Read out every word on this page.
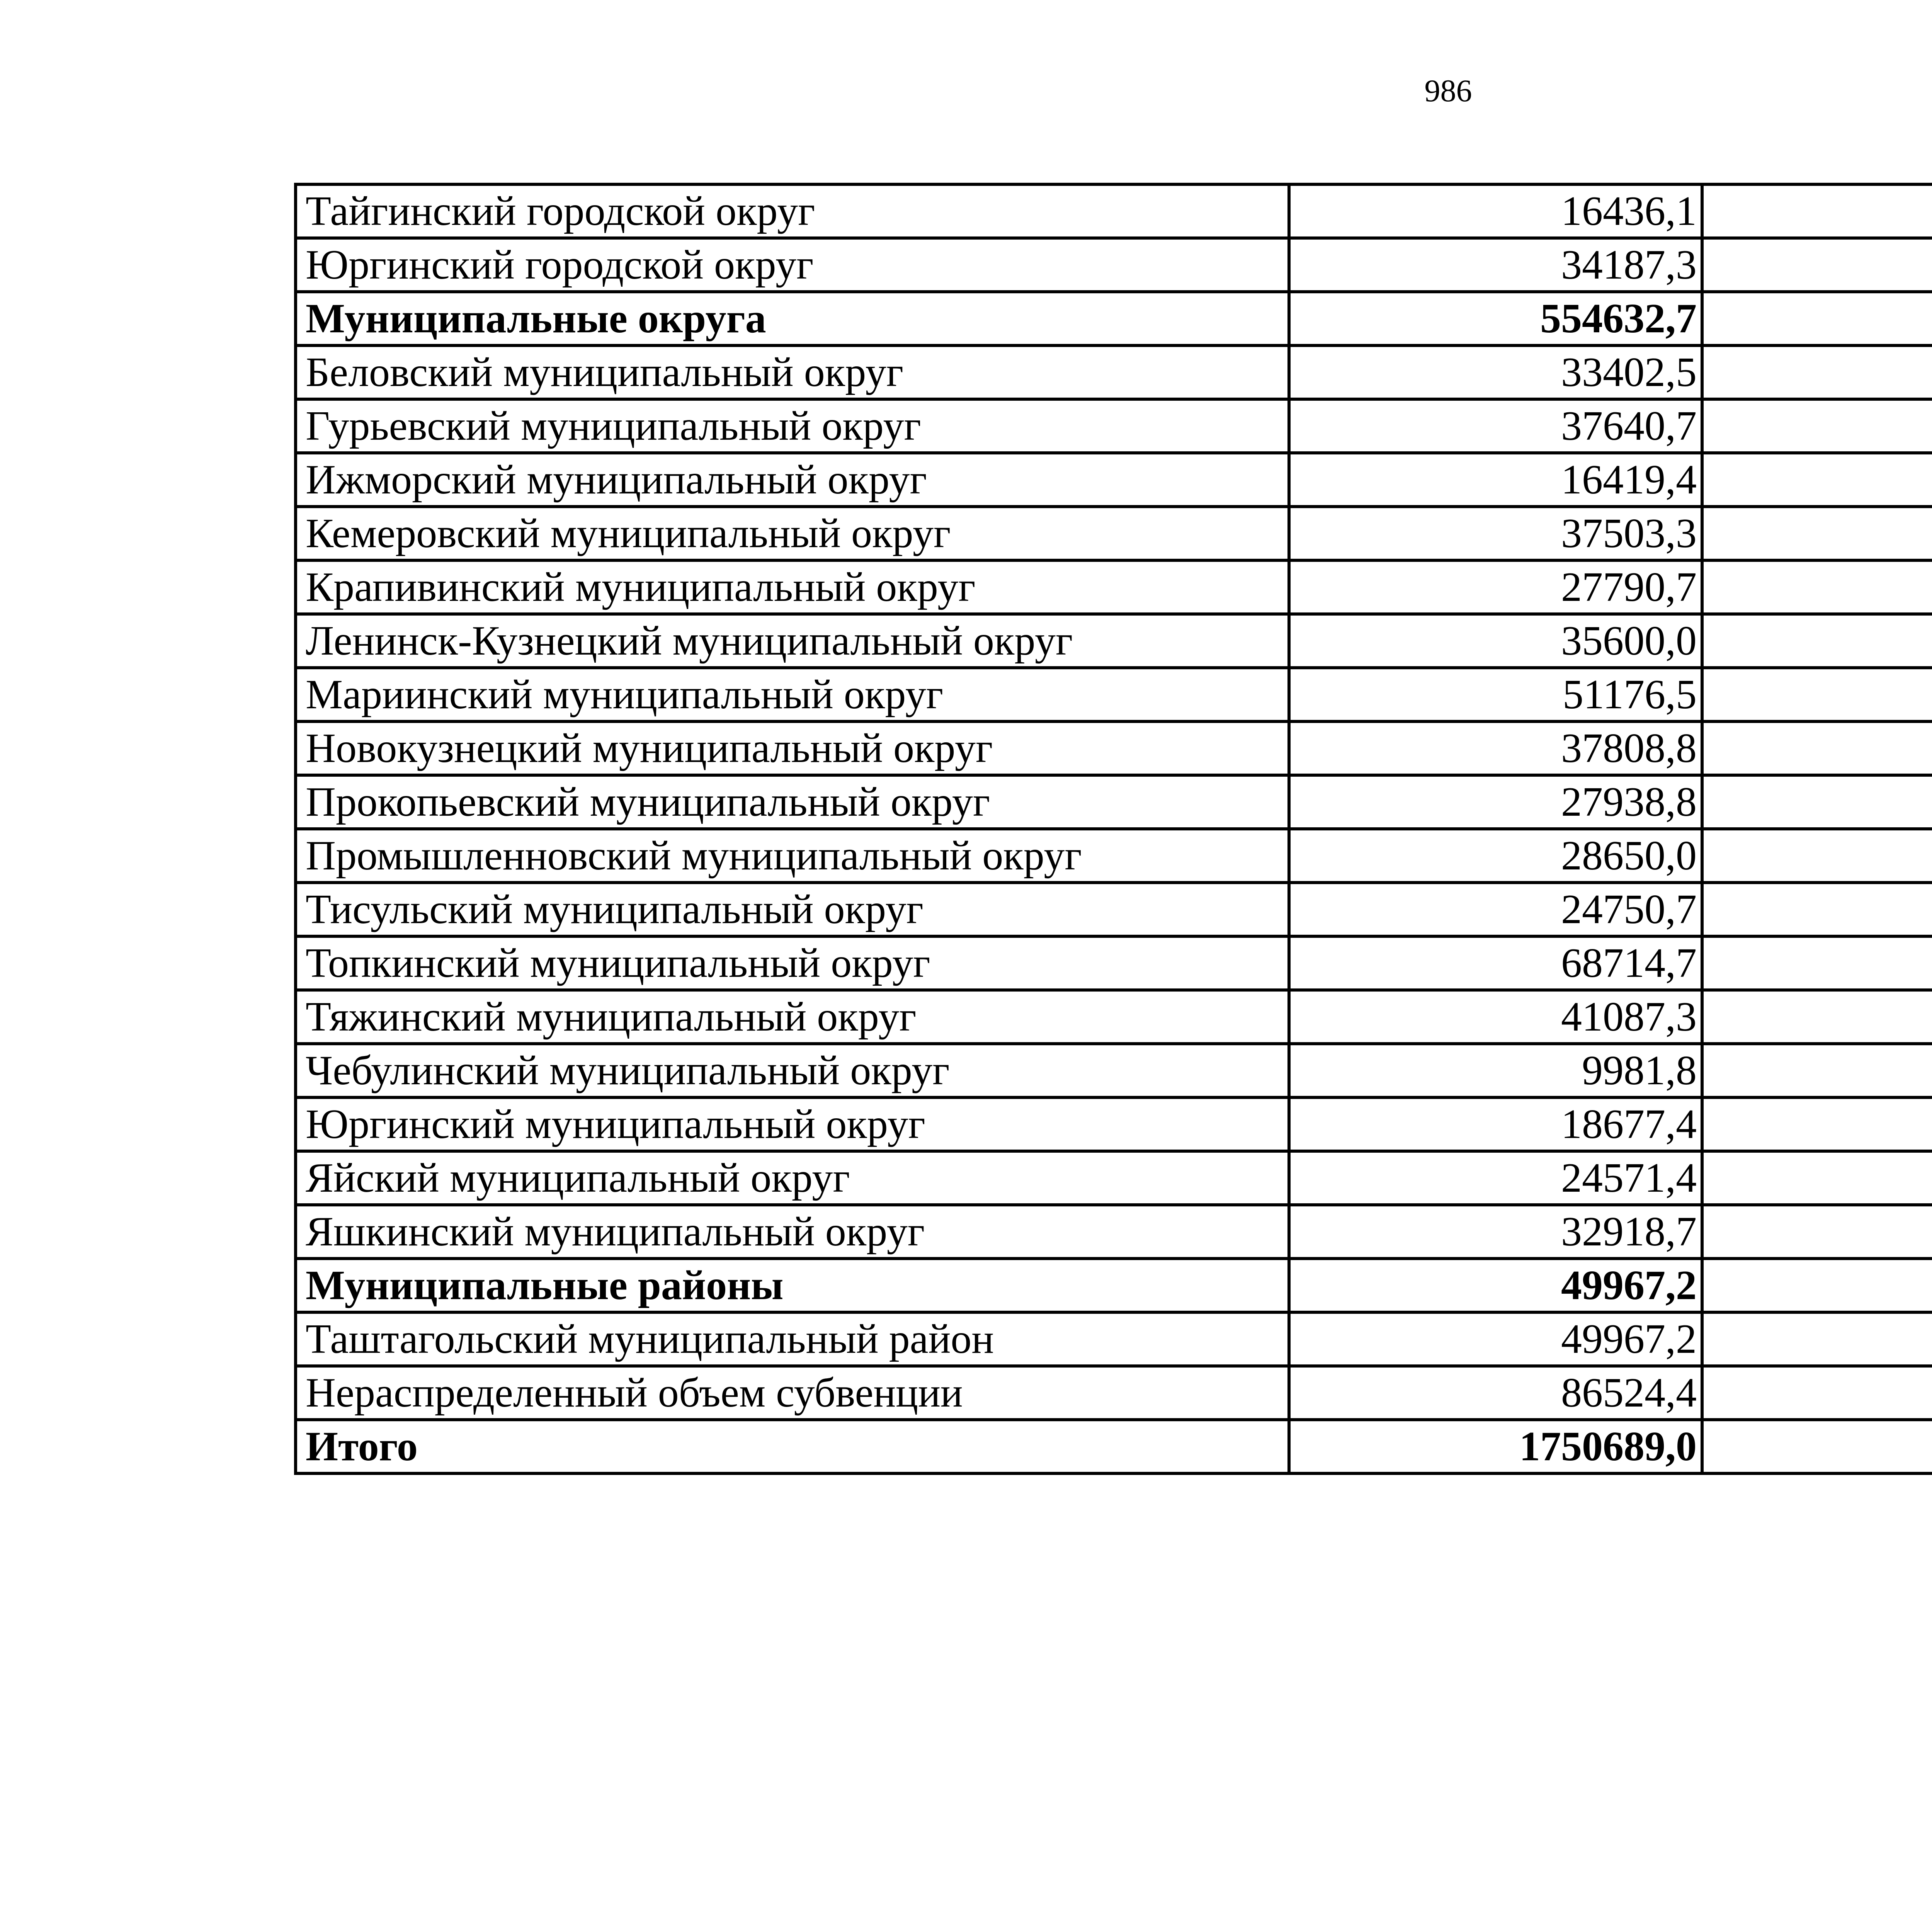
986
Тайгинский городской округ	16436,1		
Юргинский городской округ	34187,3		
Муниципальные округа	554632,7		
Беловский муниципальный округ	33402,5		
Гурьевский муниципальный округ	37640,7		
Ижморский муниципальный округ	16419,4		
Кемеровский муниципальный округ	37503,3		
Крапивинский муниципальный округ	27790,7		
Ленинск-Кузнецкий муниципальный округ	35600,0		
Мариинский муниципальный округ	51176,5		
Новокузнецкий муниципальный округ	37808,8		
Прокопьевский муниципальный округ	27938,8		
Промышленновский муниципальный округ	28650,0		
Тисульский муниципальный округ	24750,7		
Топкинский муниципальный округ	68714,7		
Тяжинский муниципальный округ	41087,3		
Чебулинский муниципальный округ	9981,8		
Юргинский муниципальный округ	18677,4		
Яйский муниципальный округ	24571,4		
Яшкинский муниципальный округ	32918,7		
Муниципальные районы	49967,2		
Таштагольский муниципальный район	49967,2		
Нераспределенный объем субвенции	86524,4		
Итого	1750689,0		
